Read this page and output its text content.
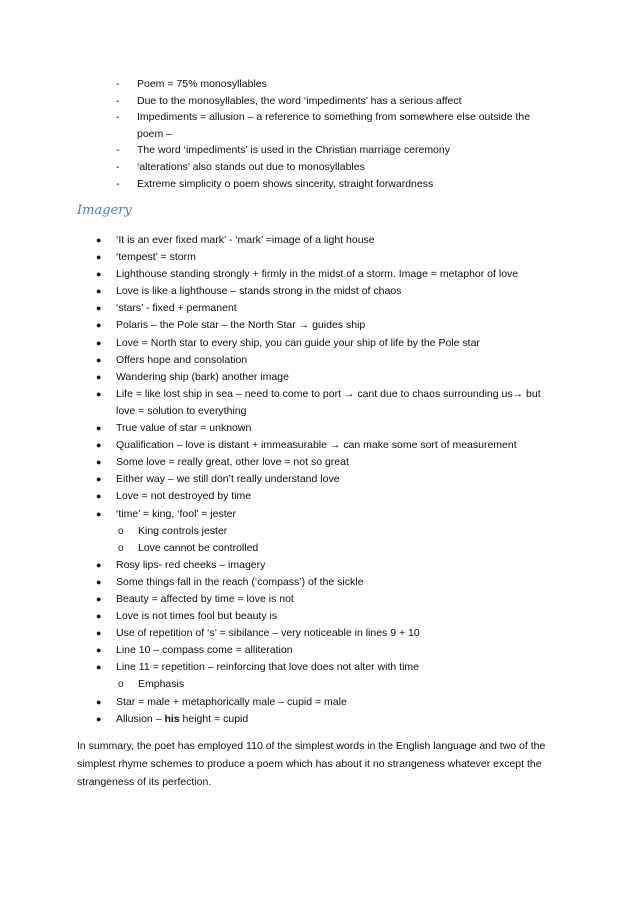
- Poem = 75% monosyllables
- Due to the monosyllables, the word ‘impediments’ has a serious affect
- Impediments = allusion – a reference to something from somewhere else outside the poem –
- The word ‘impediments’ is used in the Christian marriage ceremony
- ‘alterations’ also stands out due to monosyllables
- Extreme simplicity o poem shows sincerity, straight forwardness
Imagery
● ‘It is an ever fixed mark’ - ‘mark’ =image of a light house
● ‘tempest’ = storm
● Lighthouse standing strongly + firmly in the midst of a storm. Image = metaphor of love
● Love is like a lighthouse – stands strong in the midst of chaos
● ‘stars’ - fixed + permanent
● Polaris – the Pole star – the North Star → guides ship
● Love = North star to every ship, you can guide your ship of life by the Pole star
● Offers hope and consolation
● Wandering ship (bark) another image
● Life = like lost ship in sea – need to come to port → cant due to chaos surrounding us→ but love = solution to everything
● True value of star = unknown
● Qualification – love is distant + immeasurable → can make some sort of measurement
● Some love = really great, other love = not so great
● Either way – we still don’t really understand love
● Love = not destroyed by time
● ‘time’ = king, ‘fool’ = jester
o King controls jester
o Love cannot be controlled
● Rosy lips- red cheeks – imagery
● Some things fall in the reach (‘compass’) of the sickle
● Beauty = affected by time = love is not
● Love is not times fool but beauty is
● Use of repetition of ‘s’ = sibilance – very noticeable in lines 9 + 10
● Line 10 – compass come = alliteration
● Line 11 = repetition – reinforcing that love does not alter with time
o Emphasis
● Star = male + metaphorically male – cupid = male
● Allusion – his height = cupid

In summary, the poet has employed 110 of the simplest words in the English language and two of the simplest rhyme schemes to produce a poem which has about it no strangeness whatever except the strangeness of its perfection.
